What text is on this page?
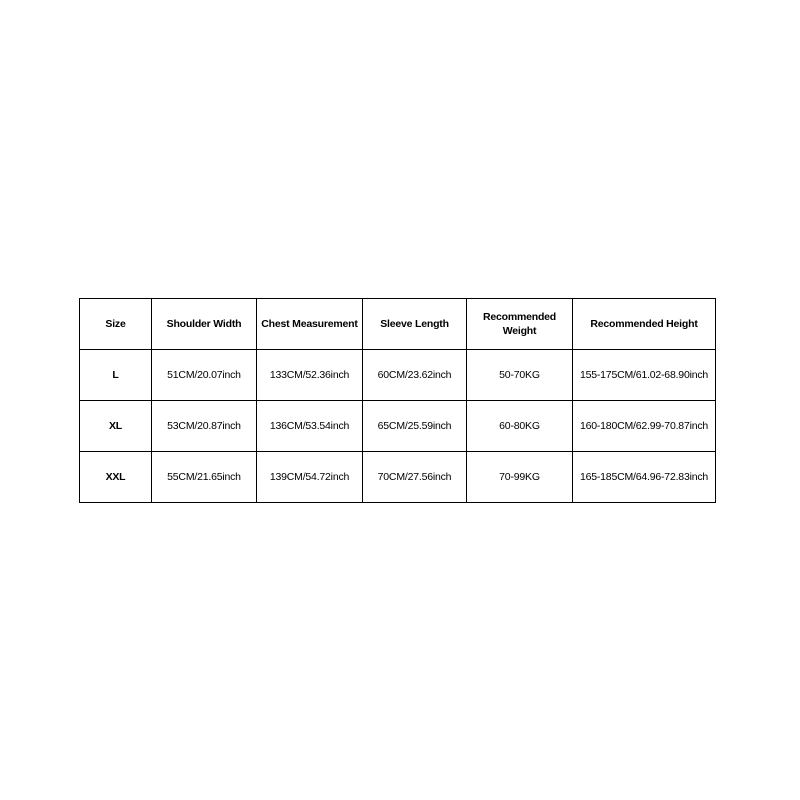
Size	Shoulder Width	Chest Measurement	Sleeve Length	Recommended Weight	Recommended Height
L	51CM/20.07inch	133CM/52.36inch	60CM/23.62inch	50-70KG	155-175CM/61.02-68.90inch
XL	53CM/20.87inch	136CM/53.54inch	65CM/25.59inch	60-80KG	160-180CM/62.99-70.87inch
XXL	55CM/21.65inch	139CM/54.72inch	70CM/27.56inch	70-99KG	165-185CM/64.96-72.83inch
